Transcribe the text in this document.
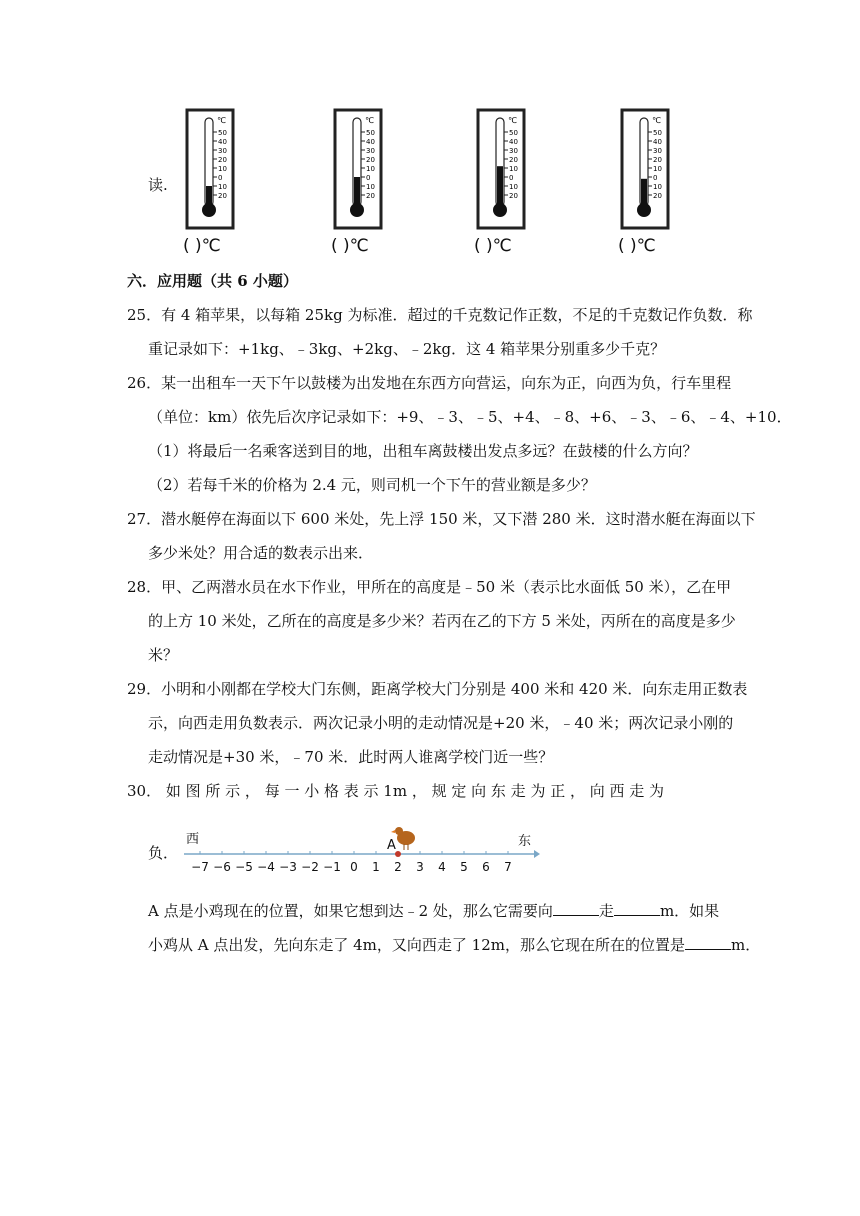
读.
℃
50
40
30
20
10
0
10
20
( )℃
℃
50
40
30
20
10
0
10
20
( )℃
℃
50
40
30
20
10
0
10
20
( )℃
℃
50
40
30
20
10
0
10
20
( )℃
六．应用题（共 6 小题）
25．有 4 箱苹果，以每箱 25kg 为标准．超过的千克数记作正数，不足的千克数记作负数．称
重记录如下：+1kg、﹣3kg、+2kg、﹣2kg．这 4 箱苹果分别重多少千克？
26．某一出租车一天下午以鼓楼为出发地在东西方向营运，向东为正，向西为负，行车里程
（单位：km）依先后次序记录如下：+9、﹣3、﹣5、+4、﹣8、+6、﹣3、﹣6、﹣4、+10．
（1）将最后一名乘客送到目的地，出租车离鼓楼出发点多远？在鼓楼的什么方向？
（2）若每千米的价格为 2.4 元，则司机一个下午的营业额是多少？
27．潜水艇停在海面以下 600 米处，先上浮 150 米，又下潜 280 米．这时潜水艇在海面以下
多少米处？用合适的数表示出来．
28．甲、乙两潜水员在水下作业，甲所在的高度是﹣50 米（表示比水面低 50 米），乙在甲
的上方 10 米处，乙所在的高度是多少米？若丙在乙的下方 5 米处，丙所在的高度是多少
米？
29．小明和小刚都在学校大门东侧，距离学校大门分别是 400 米和 420 米．向东走用正数表
示，向西走用负数表示．两次记录小明的走动情况是+20 米，﹣40 米；两次记录小刚的
走动情况是+30 米，﹣70 米．此时两人谁离学校门近一些？
30． 如 图 所 示 ， 每 一 小 格 表 示 1m ， 规 定 向 东 走 为 正 ， 向 西 走 为
负．
西	东
A
−7 −6 −5 −4 −3 −2 −1 0	1	2	3	4	5	6	7
A 点是小鸡现在的位置，如果它想到达﹣2 处，那么它需要向	走	m．如果
小鸡从 A 点出发，先向东走了 4m，又向西走了 12m，那么它现在所在的位置是	m．
